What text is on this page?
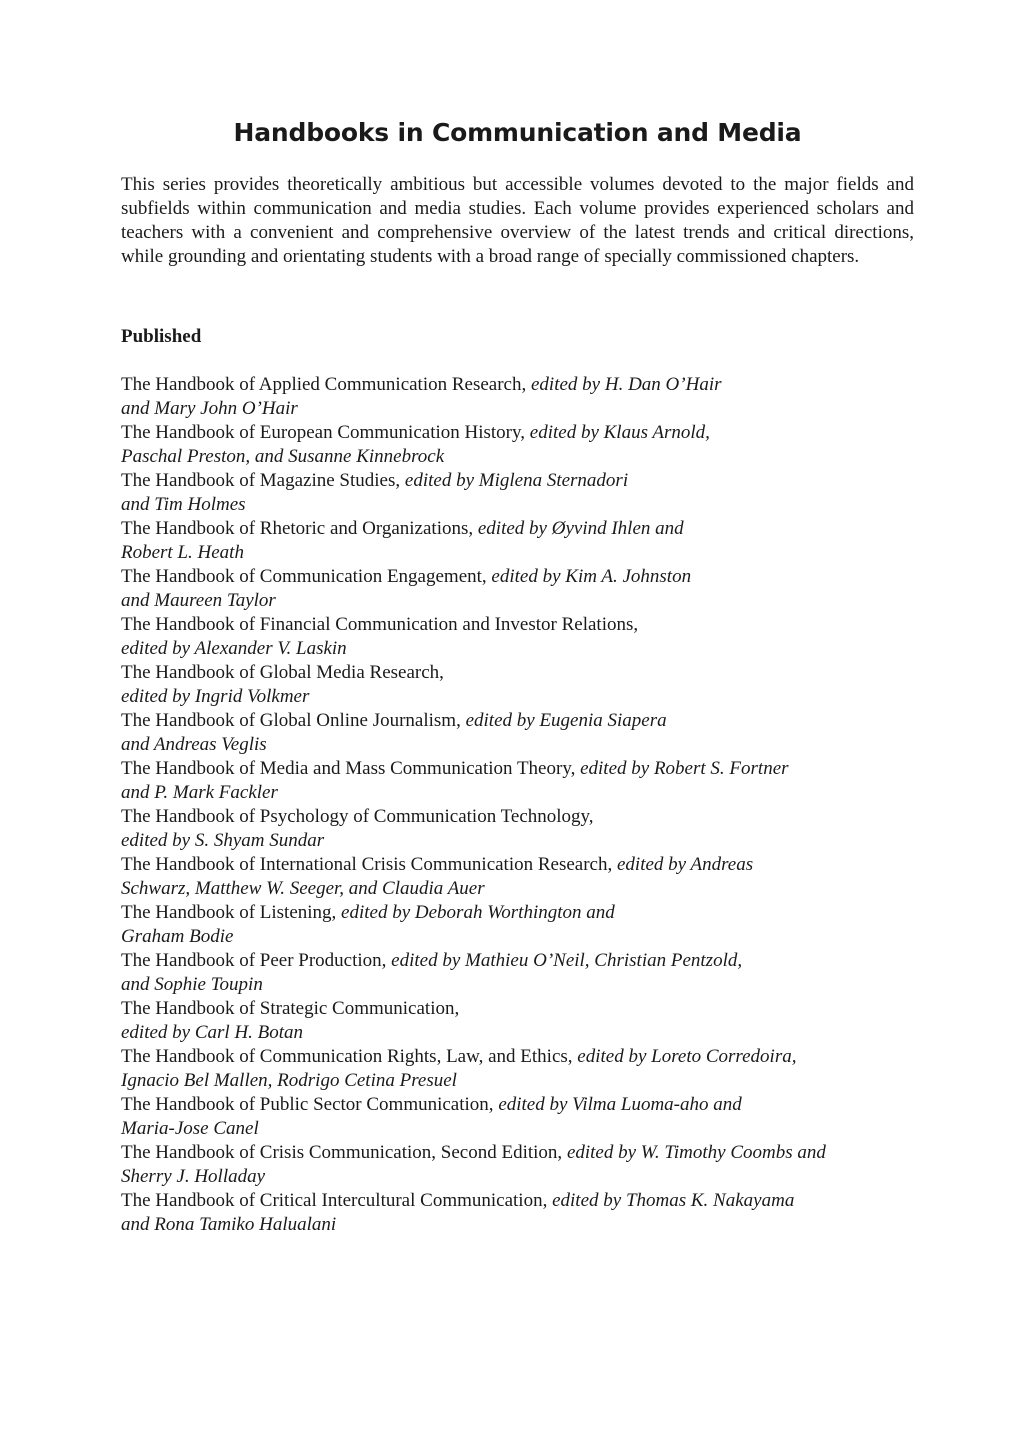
Handbooks in Communication and Media

This series provides theoretically ambitious but accessible volumes devoted to the major fields and subfields within communication and media studies. Each volume provides experienced scholars and teachers with a convenient and comprehensive overview of the latest trends and critical directions, while grounding and orientating students with a broad range of specially commissioned chapters.

Published
The Handbook of Applied Communication Research, edited by H. Dan O’Hair
and Mary John O’Hair
The Handbook of European Communication History, edited by Klaus Arnold,
Paschal Preston, and Susanne Kinnebrock
The Handbook of Magazine Studies, edited by Miglena Sternadori
and Tim Holmes
The Handbook of Rhetoric and Organizations, edited by Øyvind Ihlen and
Robert L. Heath
The Handbook of Communication Engagement, edited by Kim A. Johnston
and Maureen Taylor
The Handbook of Financial Communication and Investor Relations,
edited by Alexander V. Laskin
The Handbook of Global Media Research,
edited by Ingrid Volkmer
The Handbook of Global Online Journalism, edited by Eugenia Siapera
and Andreas Veglis
The Handbook of Media and Mass Communication Theory, edited by Robert S. Fortner
and P. Mark Fackler
The Handbook of Psychology of Communication Technology,
edited by S. Shyam Sundar
The Handbook of International Crisis Communication Research, edited by Andreas
Schwarz, Matthew W. Seeger, and Claudia Auer
The Handbook of Listening, edited by Deborah Worthington and
Graham Bodie
The Handbook of Peer Production, edited by Mathieu O’Neil, Christian Pentzold,
and Sophie Toupin
The Handbook of Strategic Communication,
edited by Carl H. Botan
The Handbook of Communication Rights, Law, and Ethics, edited by Loreto Corredoira,
Ignacio Bel Mallen, Rodrigo Cetina Presuel
The Handbook of Public Sector Communication, edited by Vilma Luoma-aho and
Maria-Jose Canel
The Handbook of Crisis Communication, Second Edition, edited by W. Timothy Coombs and
Sherry J. Holladay
The Handbook of Critical Intercultural Communication, edited by Thomas K. Nakayama
and Rona Tamiko Halualani
